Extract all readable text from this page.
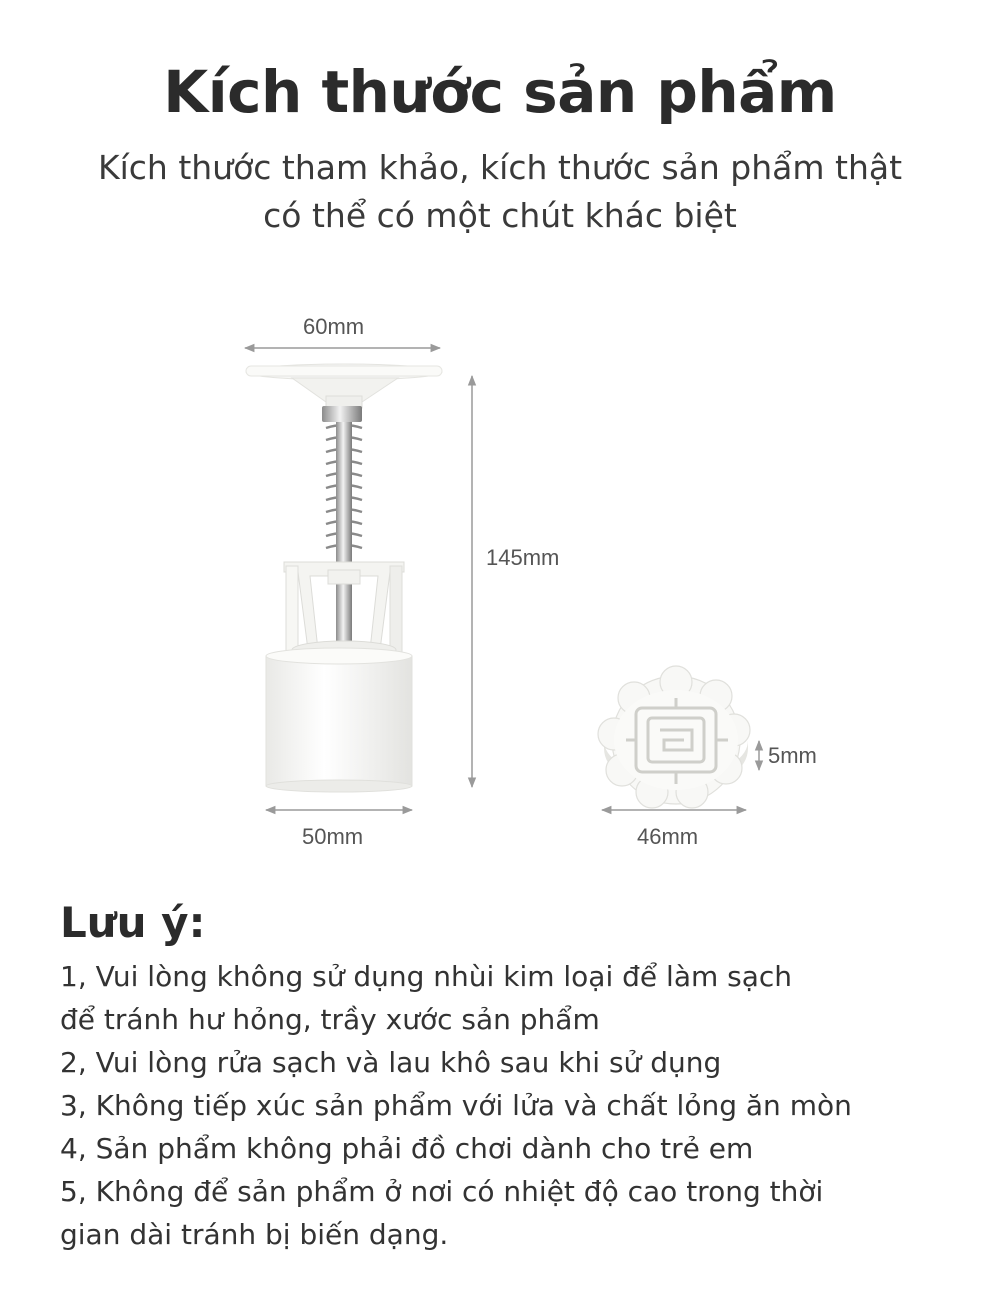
Kích thước sản phẩm
Kích thước tham khảo, kích thước sản phẩm thật
có thể có một chút khác biệt
60mm
145mm
50mm
5mm
46mm
Lưu ý:
1, Vui lòng không sử dụng nhùi kim loại để làm sạch
để tránh hư hỏng, trầy xước sản phẩm
2, Vui lòng rửa sạch và lau khô sau khi sử dụng
3, Không tiếp xúc sản phẩm với lửa và chất lỏng ăn mòn
4, Sản phẩm không phải đồ chơi dành cho trẻ em
5, Không để sản phẩm ở nơi có nhiệt độ cao trong thời
gian dài tránh bị biến dạng.
